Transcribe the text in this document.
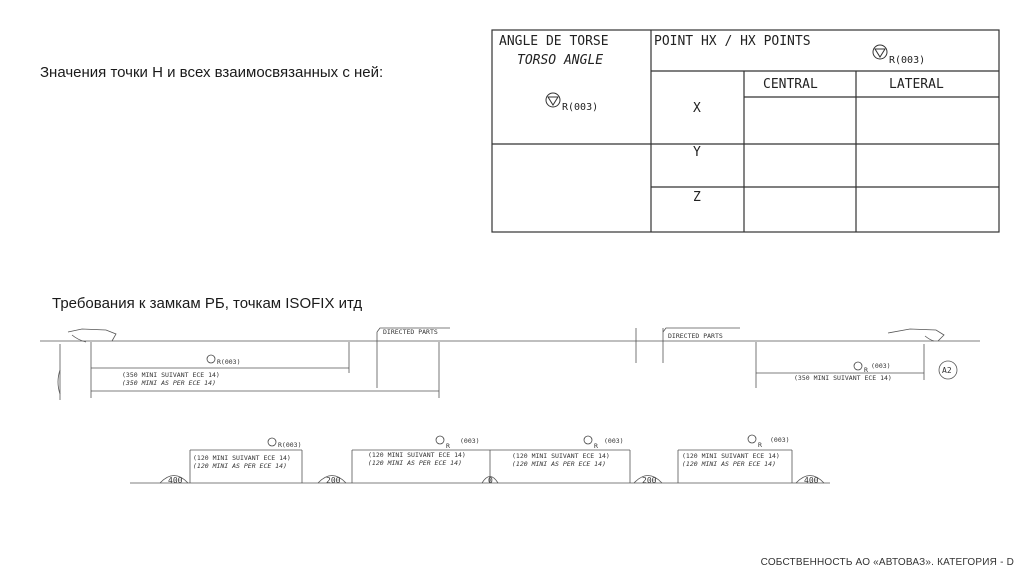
Значения точки H и всех взаимосвязанных с ней:
Требования к замкам РБ, точкам ISOFIX итд
ANGLE DE TORSE
TORSO ANGLE
R(003)
POINT HX / HX POINTS
R(003)
CENTRAL	LATERAL
X
Y
Z
DIRECTED PARTS	DIRECTED PARTS
R(003)
(350 MINI SUIVANT ECE 14)
(350 MINI AS PER ECE 14)
R (003)
(350 MINI SUIVANT ECE 14)
A2
R(003)
(120 MINI SUIVANT ECE 14)
(120 MINI AS PER ECE 14)
R
(003)
(120 MINI SUIVANT ECE 14)
(120 MINI AS PER ECE 14)
R
(003)
(120 MINI SUIVANT ECE 14)
(120 MINI AS PER ECE 14)
R
(003)
(120 MINI SUIVANT ECE 14)
(120 MINI AS PER ECE 14)
400	200	0	200	400
СОБСТВЕННОСТЬ АО «АВТОВАЗ». КАТЕГОРИЯ - D
